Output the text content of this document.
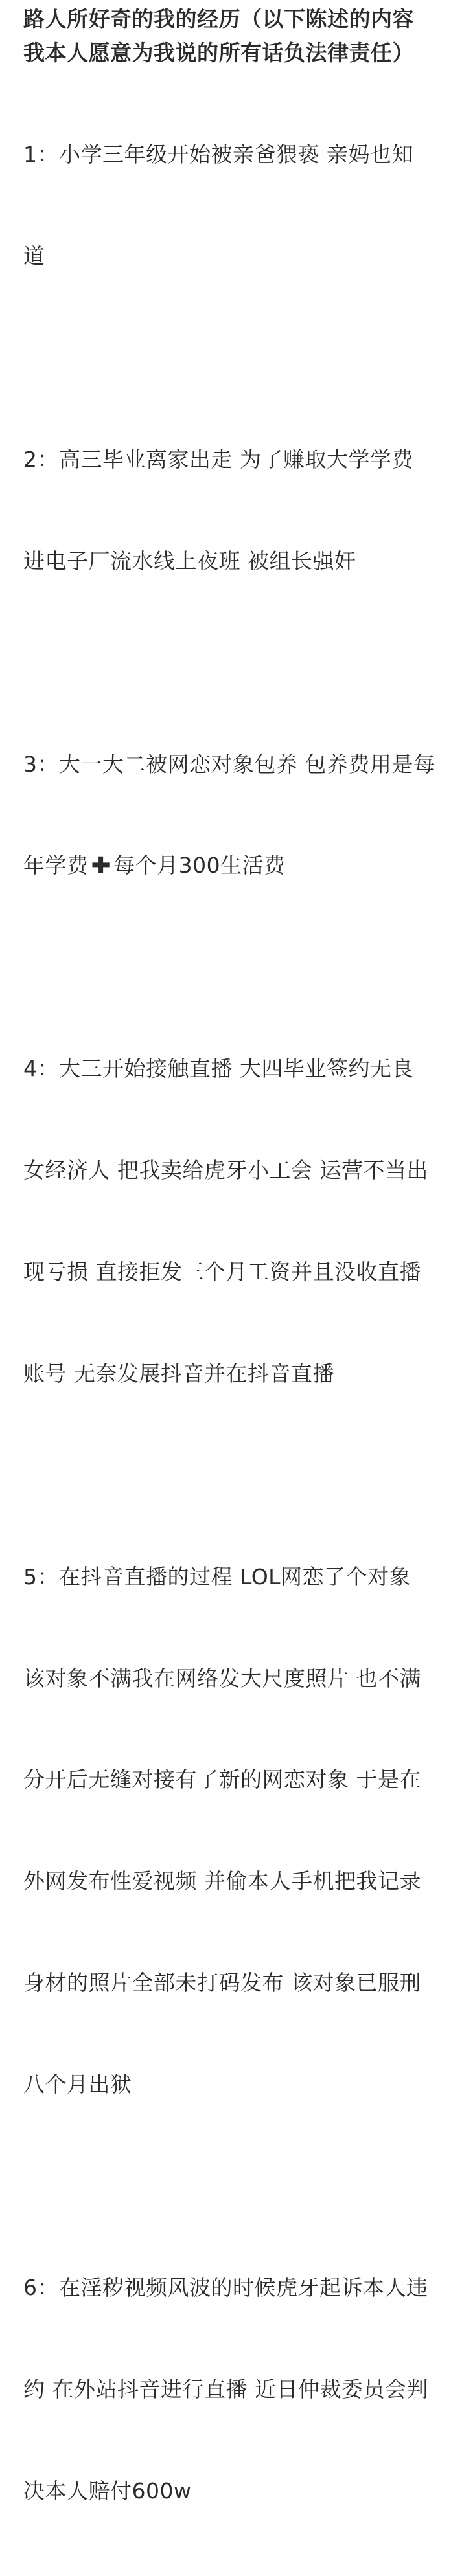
路人所好奇的我的经历（以下陈述的内容
我本人愿意为我说的所有话负法律责任）

1：小学三年级开始被亲爸猥亵 亲妈也知

道

2：高三毕业离家出走 为了赚取大学学费

进电子厂流水线上夜班 被组长强奸

3：大一大二被网恋对象包养 包养费用是每

年学费 ✚ 每个月300生活费

4：大三开始接触直播 大四毕业签约无良

女经济人 把我卖给虎牙小工会 运营不当出

现亏损 直接拒发三个月工资并且没收直播

账号 无奈发展抖音并在抖音直播

5：在抖音直播的过程 LOL网恋了个对象

该对象不满我在网络发大尺度照片 也不满

分开后无缝对接有了新的网恋对象 于是在

外网发布性爱视频 并偷本人手机把我记录

身材的照片全部未打码发布 该对象已服刑

八个月出狱

6：在淫秽视频风波的时候虎牙起诉本人违

约 在外站抖音进行直播 近日仲裁委员会判

决本人赔付600w
